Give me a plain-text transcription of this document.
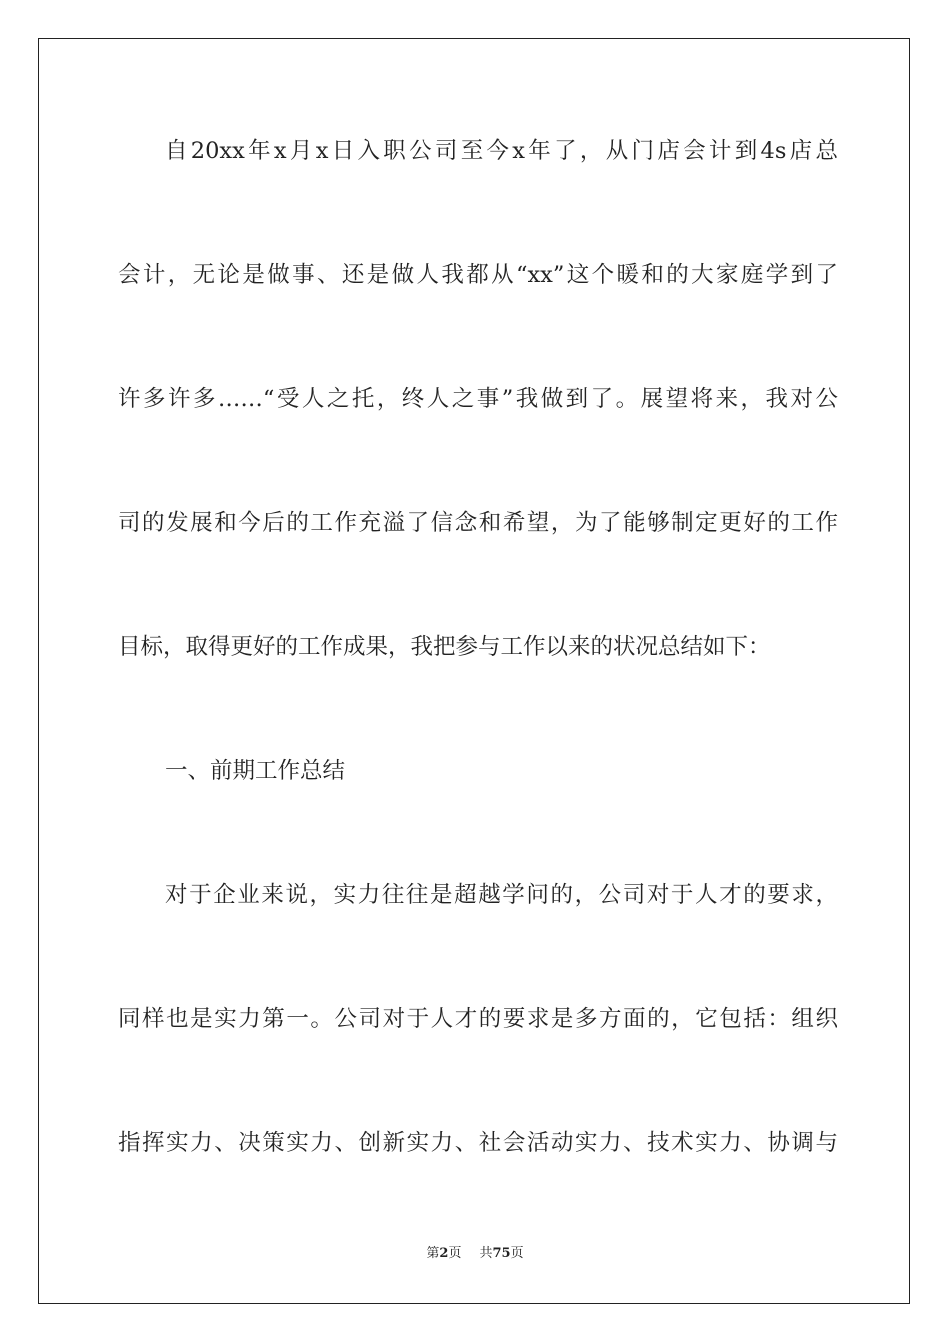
自20xx年x月x日入职公司至今x年了，从门店会计到4s店总
会计，无论是做事、还是做人我都从“xx”这个暖和的大家庭学到了
许多许多……“受人之托，终人之事”我做到了。展望将来，我对公
司的发展和今后的工作充溢了信念和希望，为了能够制定更好的工作
目标，取得更好的工作成果，我把参与工作以来的状况总结如下：
一、前期工作总结
对于企业来说，实力往往是超越学问的，公司对于人才的要求，
同样也是实力第一。公司对于人才的要求是多方面的，它包括：组织
指挥实力、决策实力、创新实力、社会活动实力、技术实力、协调与
第2页 共75页
